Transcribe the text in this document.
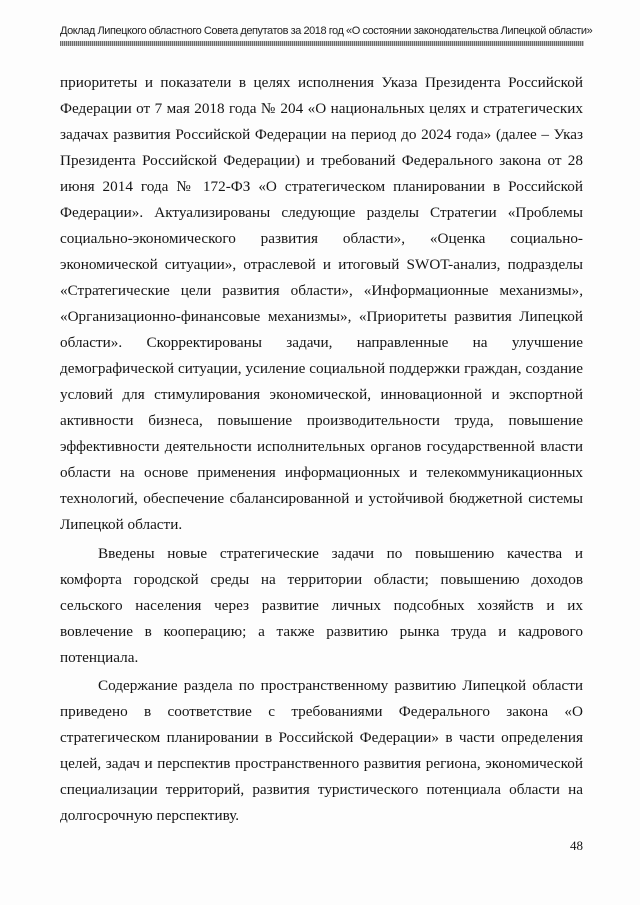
Доклад Липецкого областного Совета депутатов за 2018 год «О состоянии законодательства Липецкой области»
приоритеты и показатели в целях исполнения Указа Президента Российской
Федерации от 7 мая 2018 года № 204 «О национальных целях и стратегических
задачах развития Российской Федерации на период до 2024 года» (далее – Указ
Президента Российской Федерации) и требований Федерального закона от 28
июня 2014 года № 172-ФЗ «О стратегическом планировании в Российской
Федерации». Актуализированы следующие разделы Стратегии «Проблемы
социально-экономического развития области», «Оценка социально-
экономической ситуации», отраслевой и итоговый SWOT-анализ, подразделы
«Стратегические цели развития области», «Информационные механизмы»,
«Организационно-финансовые механизмы», «Приоритеты развития Липецкой
области». Скорректированы задачи, направленные на улучшение
демографической ситуации, усиление социальной поддержки граждан, создание
условий для стимулирования экономической, инновационной и экспортной
активности бизнеса, повышение производительности труда, повышение
эффективности деятельности исполнительных органов государственной власти
области на основе применения информационных и телекоммуникационных
технологий, обеспечение сбалансированной и устойчивой бюджетной системы
Липецкой области.
Введены новые стратегические задачи по повышению качества и
комфорта городской среды на территории области; повышению доходов
сельского населения через развитие личных подсобных хозяйств и их
вовлечение в кооперацию; а также развитию рынка труда и кадрового
потенциала.
Содержание раздела по пространственному развитию Липецкой области
приведено в соответствие с требованиями Федерального закона «О
стратегическом планировании в Российской Федерации» в части определения
целей, задач и перспектив пространственного развития региона, экономической
специализации территорий, развития туристического потенциала области на
долгосрочную перспективу.
48
